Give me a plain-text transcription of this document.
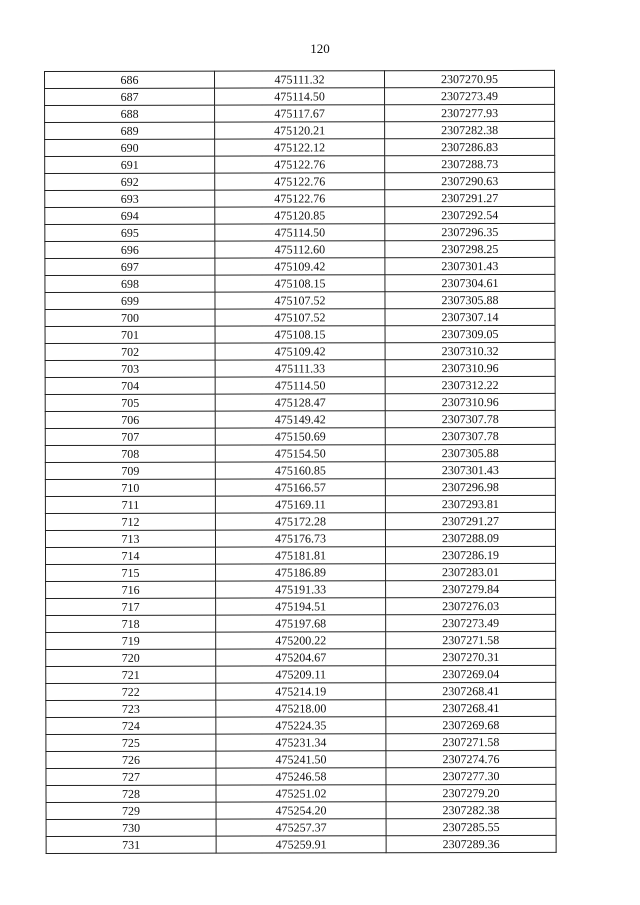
120
686	475111.32	2307270.95
687	475114.50	2307273.49
688	475117.67	2307277.93
689	475120.21	2307282.38
690	475122.12	2307286.83
691	475122.76	2307288.73
692	475122.76	2307290.63
693	475122.76	2307291.27
694	475120.85	2307292.54
695	475114.50	2307296.35
696	475112.60	2307298.25
697	475109.42	2307301.43
698	475108.15	2307304.61
699	475107.52	2307305.88
700	475107.52	2307307.14
701	475108.15	2307309.05
702	475109.42	2307310.32
703	475111.33	2307310.96
704	475114.50	2307312.22
705	475128.47	2307310.96
706	475149.42	2307307.78
707	475150.69	2307307.78
708	475154.50	2307305.88
709	475160.85	2307301.43
710	475166.57	2307296.98
711	475169.11	2307293.81
712	475172.28	2307291.27
713	475176.73	2307288.09
714	475181.81	2307286.19
715	475186.89	2307283.01
716	475191.33	2307279.84
717	475194.51	2307276.03
718	475197.68	2307273.49
719	475200.22	2307271.58
720	475204.67	2307270.31
721	475209.11	2307269.04
722	475214.19	2307268.41
723	475218.00	2307268.41
724	475224.35	2307269.68
725	475231.34	2307271.58
726	475241.50	2307274.76
727	475246.58	2307277.30
728	475251.02	2307279.20
729	475254.20	2307282.38
730	475257.37	2307285.55
731	475259.91	2307289.36
